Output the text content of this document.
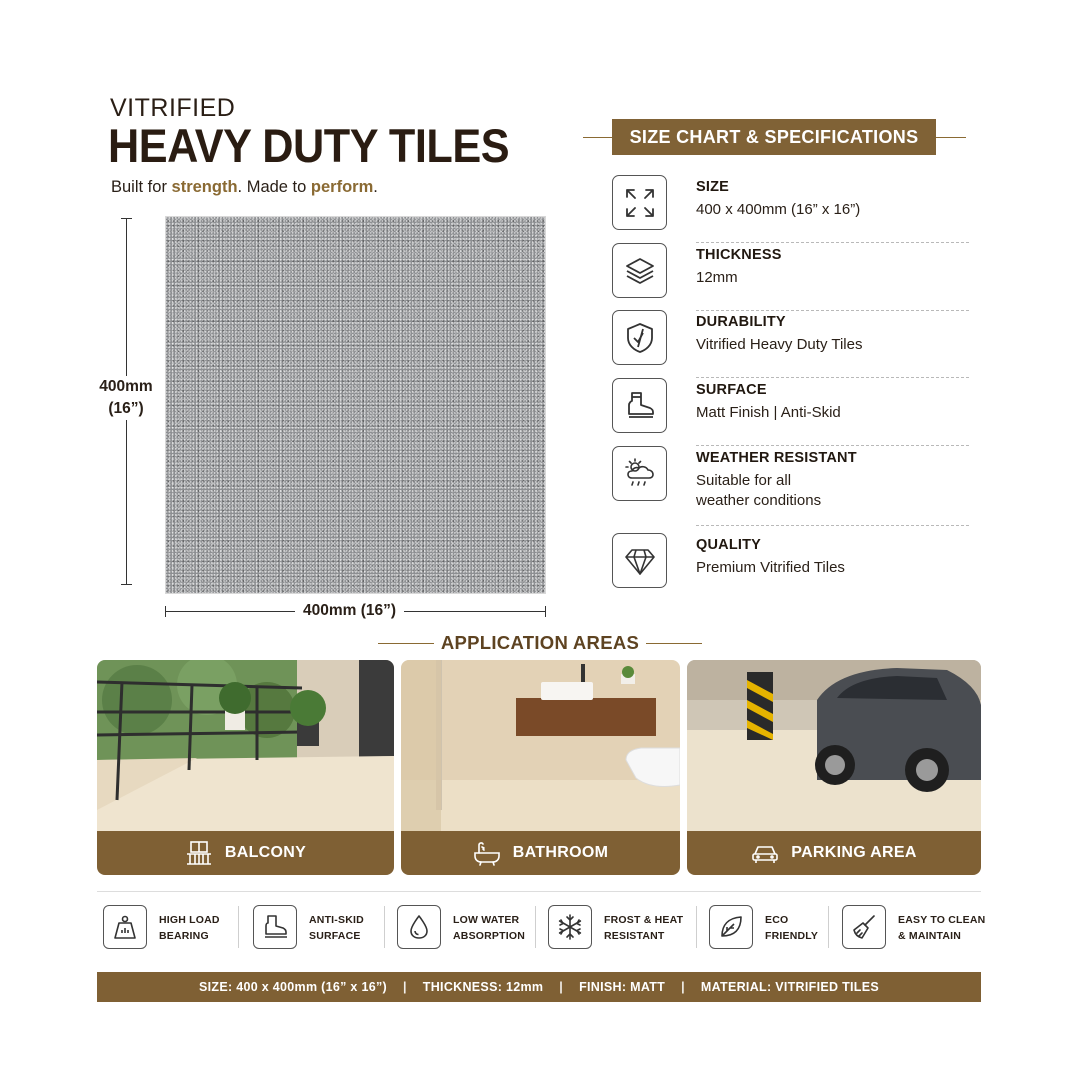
VITRIFIED
HEAVY DUTY TILES
Built for strength. Made to perform.
400mm
(16”)
400mm (16”)
SIZE CHART & SPECIFICATIONS
SIZE
400 x 400mm (16” x 16”)
THICKNESS
12mm
DURABILITY
Vitrified Heavy Duty Tiles
SURFACE
Matt Finish | Anti-Skid
WEATHER RESISTANT
Suitable for all
weather conditions
QUALITY
Premium Vitrified Tiles
APPLICATION AREAS
BALCONY	BATHROOM	PARKING AREA
HIGH LOAD
BEARING
ANTI-SKID
SURFACE
LOW WATER
ABSORPTION
FROST & HEAT
RESISTANT
ECO
FRIENDLY
EASY TO CLEAN
& MAINTAIN
SIZE: 400 x 400mm (16” x 16”) | THICKNESS: 12mm | FINISH: MATT | MATERIAL: VITRIFIED TILES
